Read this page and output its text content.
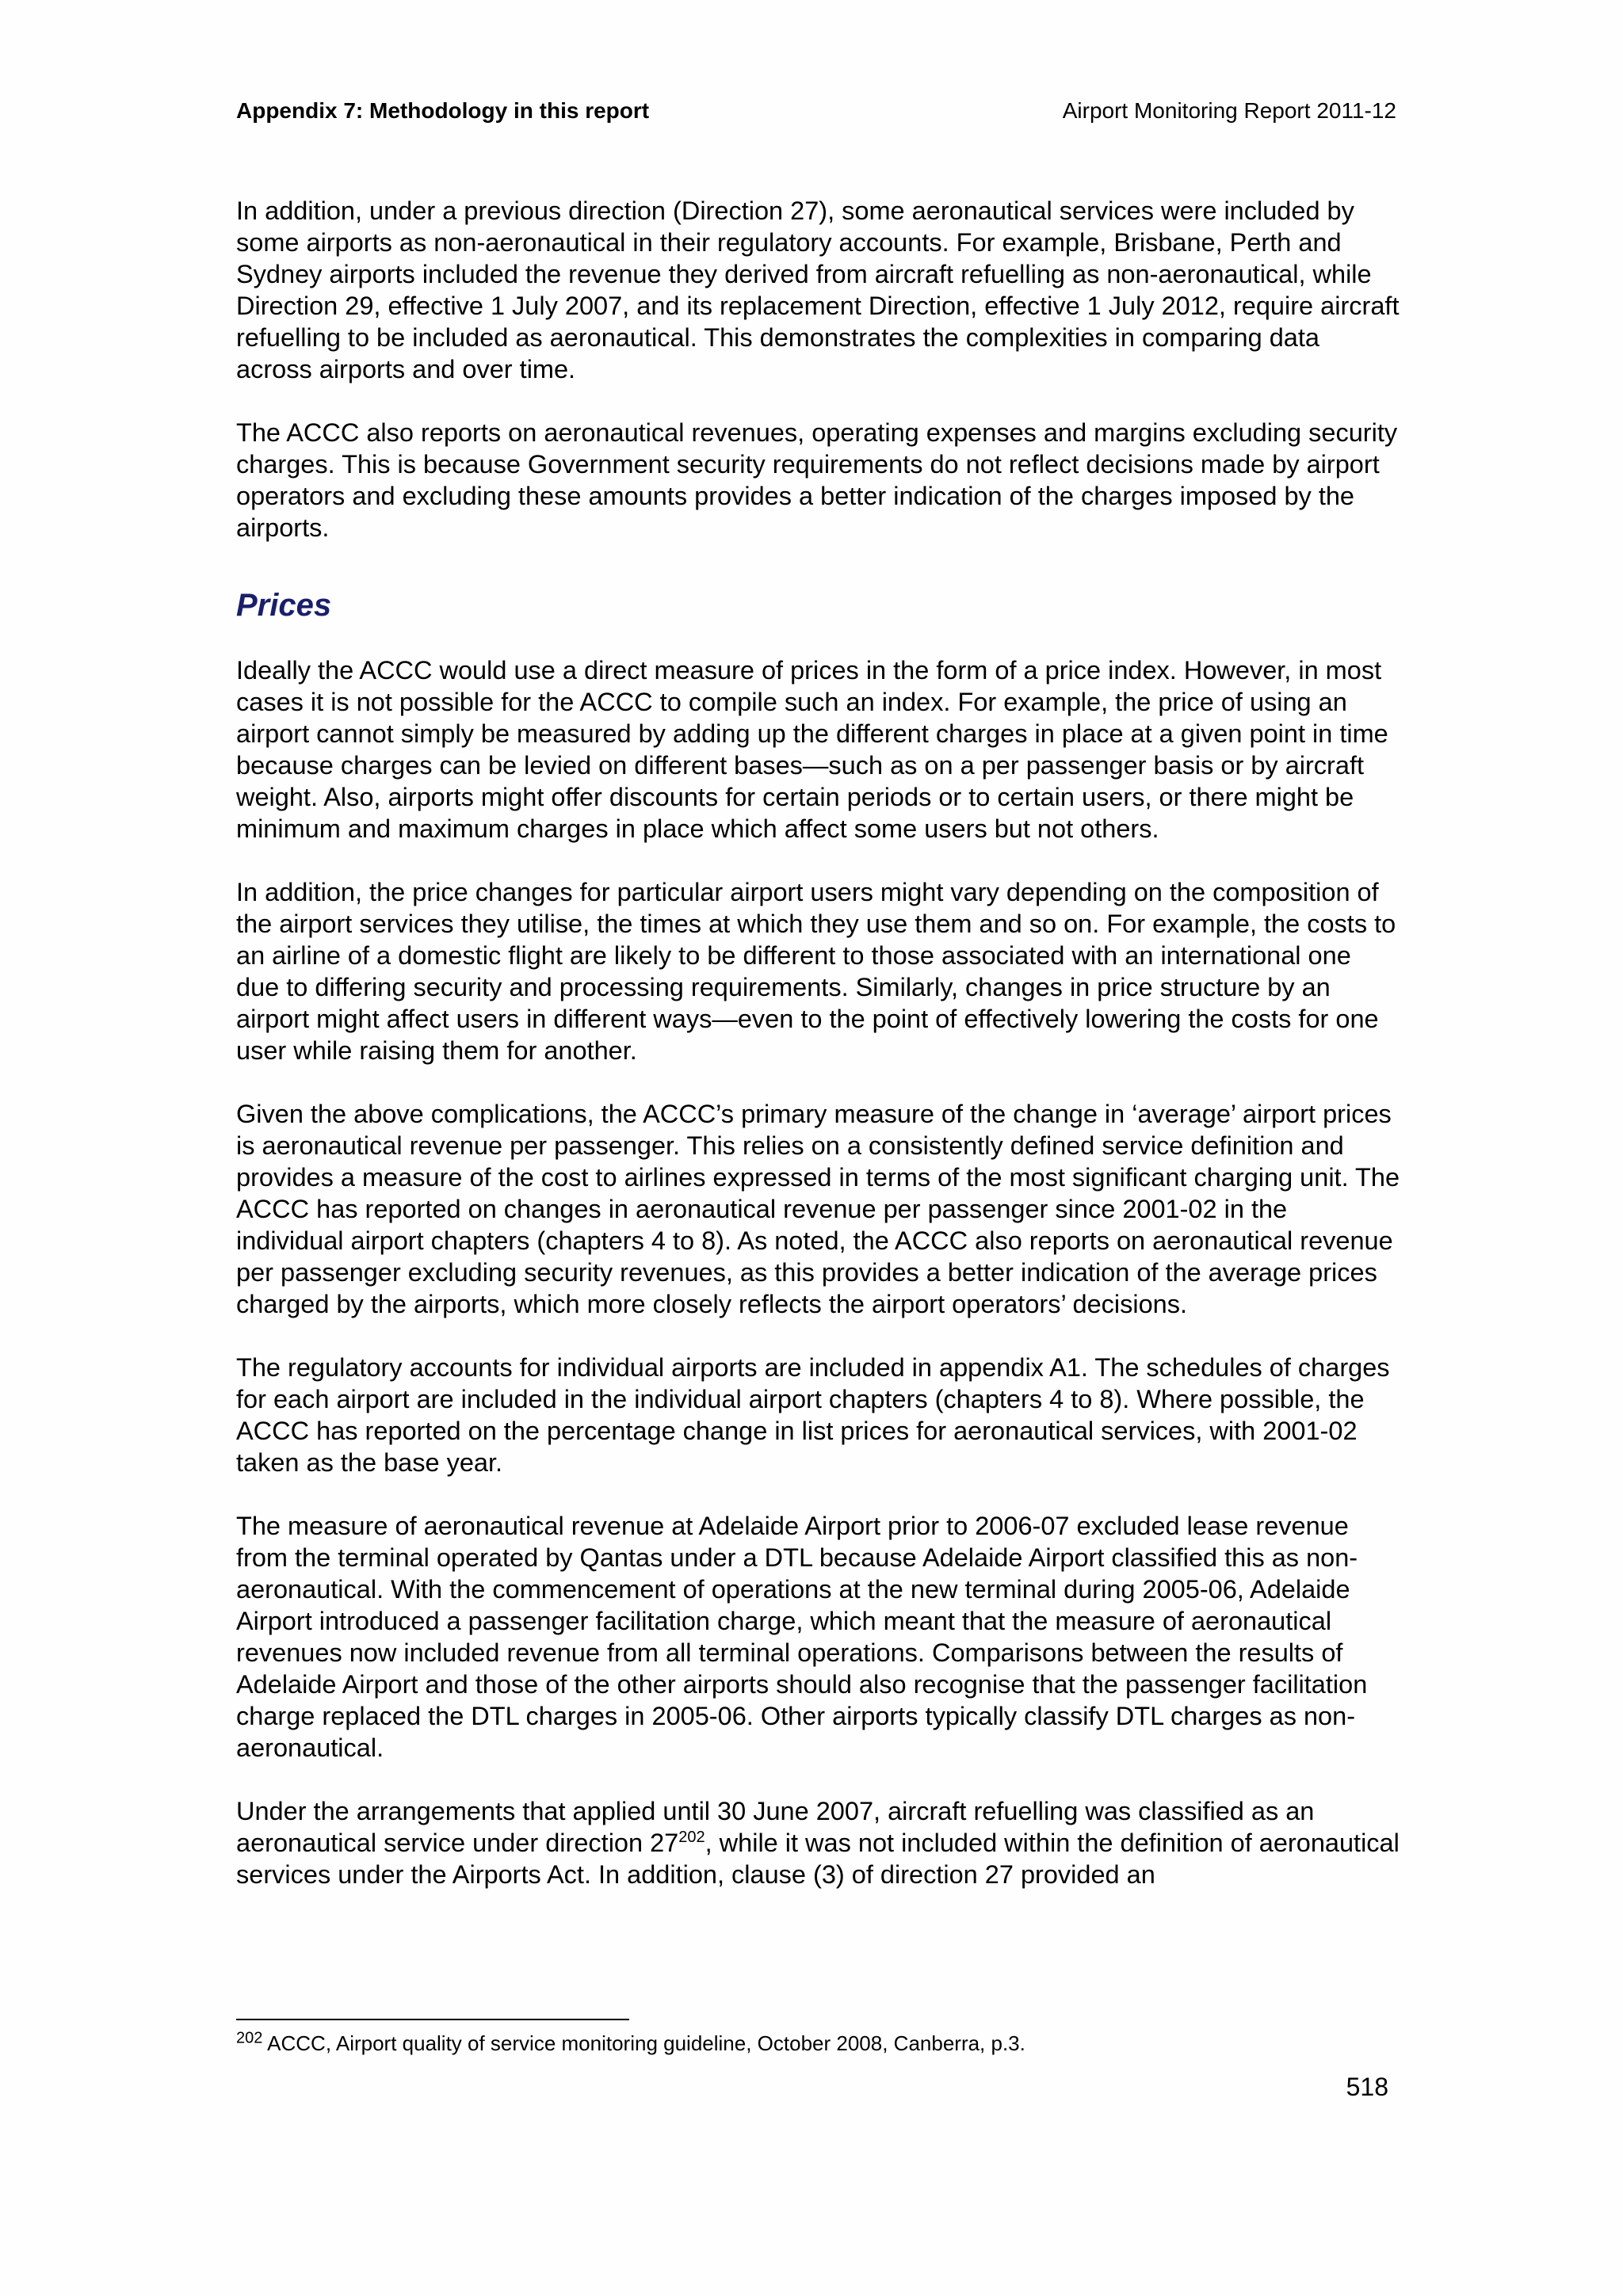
Appendix 7: Methodology in this report	Airport Monitoring Report 2011-12

In addition, under a previous direction (Direction 27), some aeronautical services were included by some airports as non-aeronautical in their regulatory accounts. For example, Brisbane, Perth and Sydney airports included the revenue they derived from aircraft refuelling as non-aeronautical, while Direction 29, effective 1 July 2007, and its replacement Direction, effective 1 July 2012, require aircraft refuelling to be included as aeronautical. This demonstrates the complexities in comparing data across airports and over time.

The ACCC also reports on aeronautical revenues, operating expenses and margins excluding security charges. This is because Government security requirements do not reflect decisions made by airport operators and excluding these amounts provides a better indication of the charges imposed by the airports.

Prices

Ideally the ACCC would use a direct measure of prices in the form of a price index. However, in most cases it is not possible for the ACCC to compile such an index. For example, the price of using an airport cannot simply be measured by adding up the different charges in place at a given point in time because charges can be levied on different bases—such as on a per passenger basis or by aircraft weight. Also, airports might offer discounts for certain periods or to certain users, or there might be minimum and maximum charges in place which affect some users but not others.

In addition, the price changes for particular airport users might vary depending on the composition of the airport services they utilise, the times at which they use them and so on. For example, the costs to an airline of a domestic flight are likely to be different to those associated with an international one due to differing security and processing requirements. Similarly, changes in price structure by an airport might affect users in different ways—even to the point of effectively lowering the costs for one user while raising them for another.

Given the above complications, the ACCC’s primary measure of the change in ‘average’ airport prices is aeronautical revenue per passenger. This relies on a consistently defined service definition and provides a measure of the cost to airlines expressed in terms of the most significant charging unit. The ACCC has reported on changes in aeronautical revenue per passenger since 2001-02 in the individual airport chapters (chapters 4 to 8). As noted, the ACCC also reports on aeronautical revenue per passenger excluding security revenues, as this provides a better indication of the average prices charged by the airports, which more closely reflects the airport operators’ decisions.

The regulatory accounts for individual airports are included in appendix A1. The schedules of charges for each airport are included in the individual airport chapters (chapters 4 to 8). Where possible, the ACCC has reported on the percentage change in list prices for aeronautical services, with 2001-02 taken as the base year.

The measure of aeronautical revenue at Adelaide Airport prior to 2006-07 excluded lease revenue from the terminal operated by Qantas under a DTL because Adelaide Airport classified this as non-aeronautical. With the commencement of operations at the new terminal during 2005-06, Adelaide Airport introduced a passenger facilitation charge, which meant that the measure of aeronautical revenues now included revenue from all terminal operations. Comparisons between the results of Adelaide Airport and those of the other airports should also recognise that the passenger facilitation charge replaced the DTL charges in 2005-06. Other airports typically classify DTL charges as non-aeronautical.

Under the arrangements that applied until 30 June 2007, aircraft refuelling was classified as an aeronautical service under direction $27^{202}$, while it was not included within the definition of aeronautical services under the Airports Act. In addition, clause (3) of direction 27 provided an

$^{202}$ ACCC, Airport quality of service monitoring guideline, October 2008, Canberra, p.3.
518
